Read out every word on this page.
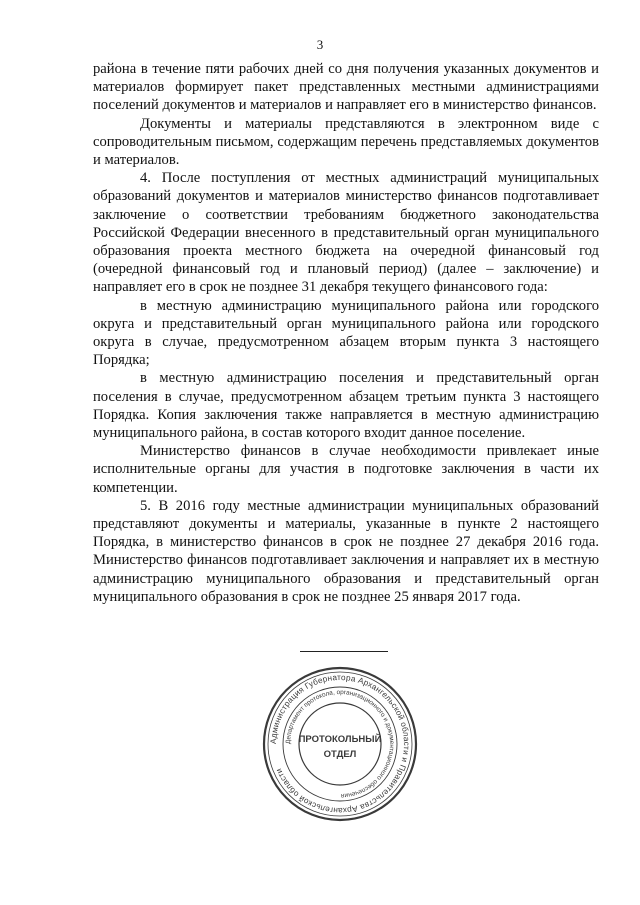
3

района в течение пяти рабочих дней со дня получения указанных документов и материалов формирует пакет представленных местными администрациями поселений документов и материалов и направляет его в министерство финансов.

Документы и материалы представляются в электронном виде с сопроводительным письмом, содержащим перечень представляемых документов и материалов.

4. После поступления от местных администраций муниципальных образований документов и материалов министерство финансов подготавливает заключение о соответствии требованиям бюджетного законодательства Российской Федерации внесенного в представительный орган муниципального образования проекта местного бюджета на очередной финансовый год (очередной финансовый год и плановый период) (далее – заключение) и направляет его в срок не позднее 31 декабря текущего финансового года:

в местную администрацию муниципального района или городского округа и представительный орган муниципального района или городского округа в случае, предусмотренном абзацем вторым пункта 3 настоящего Порядка;

в местную администрацию поселения и представительный орган поселения в случае, предусмотренном абзацем третьим пункта 3 настоящего Порядка. Копия заключения также направляется в местную администрацию муниципального района, в состав которого входит данное поселение.

Министерство финансов в случае необходимости привлекает иные исполнительные органы для участия в подготовке заключения в части их компетенции.

5. В 2016 году местные администрации муниципальных образований представляют документы и материалы, указанные в пункте 2 настоящего Порядка, в министерство финансов в срок не позднее 27 декабря 2016 года. Министерство финансов подготавливает заключения и направляет их в местную администрацию муниципального образования и представительный орган муниципального образования в срок не позднее 25 января 2017 года.

Администрация Губернатора Архангельской области и Правительства Архангельской области
Департамент протокола, организационного и документационного обеспечения
ПРОТОКОЛЬНЫЙ
ОТДЕЛ
